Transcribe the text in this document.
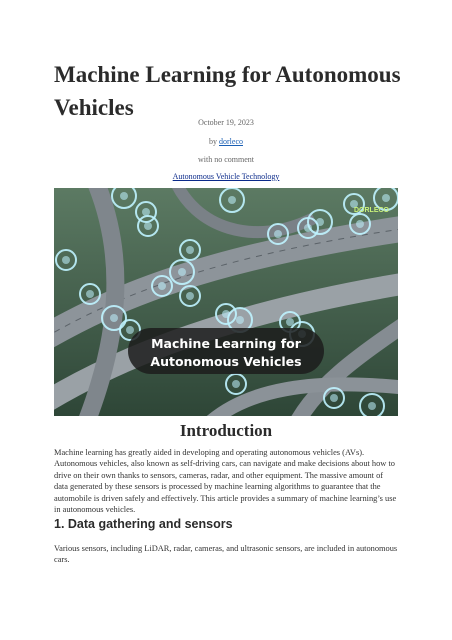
Machine Learning for Autonomous Vehicles
October 19, 2023
by dorleco
with no comment
Autonomous Vehicle Technology
DORLECO
Machine Learning for
Autonomous Vehicles
Introduction

Machine learning has greatly aided in developing and operating autonomous vehicles (AVs). Autonomous vehicles, also known as self-driving cars, can navigate and make decisions about how to drive on their own thanks to sensors, cameras, radar, and other equipment. The massive amount of data generated by these sensors is processed by machine learning algorithms to guarantee that the automobile is driven safely and effectively. This article provides a summary of machine learning’s use in autonomous vehicles.

1. Data gathering and sensors

Various sensors, including LiDAR, radar, cameras, and ultrasonic sensors, are included in autonomous cars.
